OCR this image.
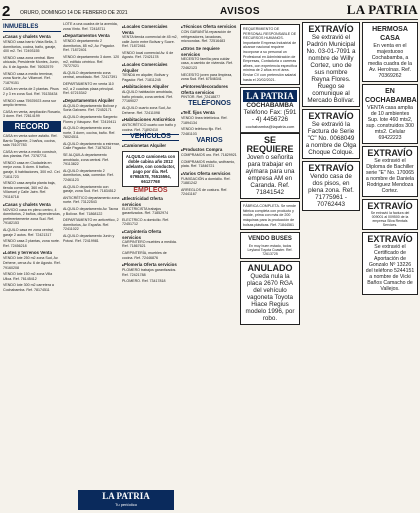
2	ORURO, DOMINGO 14 DE FEBRERO DE 2021	AVISOS	LA PATRIA
INMUEBLES
■ Casas y chalets Venta
VENDO casa barrio Vista Bella, 3 dormitorios, cocina, baño, garaje, 400 m2. Tel. 72493155
VENDO casa zona central. Bien ubicada, Presidente Montes, Junín, Av. 6 de Agosto. Ref. 76052579
VENDO casa a medio terminar, zona Norte, Av. Villarroel. Ref. 71879151
CASA en venta de 2 plantas. Pisos 2 y 3 en zona Sud. Ref. 76135434
VENDO casa 75925923 zona sur amplio terreno.
CASA en venta, ampliación Rosario, 3 dorm. Ref. 72614199
RECORD
CASA en venta sobre asfalto. Ref. Barrio Tagarete, 2 baños, cocina, sala 76107783
CASA en venta a medio construir, dos plantas. Ref. 73787711
VENDO casa en Ciudadela en mejor zona. 5 dorm. 6 baños, garaje, 6 habitaciones, 300 m2. Cel. 71811723
VENDO casa amplia planta baja, tienda comercial, 360 m2 Av. Villarroel y Calle Jaén. Ref. 79116718
■ Casas y chalets Venta
NOVICIO casa en pleno centro, 4 dormitorios, 2 baños, dependencias, preferentemente zona Sud. Ref. 79182153
ALQUILO casa en zona central, garaje 2 autos. Ref. 72421317
VENDO casa 2 plantas, zona norte. Ref. 72456218
■ Lotes y terrenos Venta
VENDO lote 250 m2 zona Sud, Av. Dehene, cerca Av. 6 de Agosto. Ref. 79160208
VENDO lote 150 m2 zona Villa Ulloa. Ref. 76145412
VENDO lote 300 m2 carretera a Cochabamba. Ref. 78174511
LOTE a una cuadra de la avenida, zona Vinto. Ref. 72418711
■ Departamentos Venta
VENDO departamento 2 dormitorios, 85 m2, Av. Pagador. Ref. 71872401
VENDO departamento 3 dorm. 120 m2, edificio céntrico. Ref. 75727021
ALQUILO departamento zona central, amoblado. Ref. 72417391
DEPARTAMENTO en venta 110 m2, a 2 cuadras plaza principal. Ref. 67215342
■ Departamentos Alquiler
ALQUILO departamento Bolívar y Soria Galvarro. Ref. 72452171
ALQUILO departamento Sargento Flores y Vásquez. Ref. 72419411
ALQUILO departamento zona norte, 3 dorm, cocina, baño. Ref. 78024511
ALQUILO departamento a estrenar, Calle Pagador. Ref. 71876234
SE ALQUILA departamento amoblado, zona central. Ref. 79113822
ALQUILO departamento 2 dormitorios, sala, comedor. Ref. 72461123
ALQUILO departamento con garaje, zona Sud. Ref. 71834512
ANTICRÉTICO departamento zona norte. Ref. 73122543
ALQUILO departamento Av. Tacna y Bolívar. Ref. 71868122
DEPARTAMENTO en anticrético, 2 dormitorios, Av. España. Ref. 72411022
ALQUILO departamento Junín y Potosí. Ref. 72419981
LA PATRIA
Tu periódico
■ Locales Comerciales Venta
VENTA tienda comercial de 45 m2, calle Junín entre Bolívar y Sucre. Ref. 71872461
VENDO local comercial Av. 6 de Agosto. Ref. 72421178
■ Locales Comerciales Alquiler
TIENDA en alquiler, Bolívar y Pagador. Ref. 71811245
■ Habitaciones Alquiler
ALQUILO habitación amoblada, baño privado, zona central. Ref. 77169027
ALQUILO cuarto zona Sud, Av. Dehene. Ref. 72411098
■ Habitaciones Anticrético
ANTICRÉTICO cuarto con baño y cocina. Ref. 71892410
VEHÍCULOS
■ Camionetas Alquiler
ALQUILO camioneta con doble cabina año 2012 adelante, con conductor, pago por día. Ref. 67984578, 76515594, 66127768
EMPLEOS
■ Electricidad Oferta servicios
ELECTRICISTA trabajos garantizados. Ref. 71852974
ELECTRICO a domicilio. Ref. 72451712
■ Carpintería Oferta servicios
CARPINTERO muebles a medida. Ref. 71867621
CARPINTERÍA, muebles de cocina. Ref. 72446876
■ Plomería Oferta servicios
PLOMERO trabajos garantizados. Ref. 72421788
PLOMERO. Ref. 73417818
■ Técnicos Oferta servicios
CON GARANTÍA reparación de refrigeradores, lavadoras, microondas. Ref. 72516483
■ Otros Se requiere servicios
NECESITO familia para cuidar casa, a cambio de vivienda. Ref. 72462123
NECESITO joven para limpieza, zona Sud. Ref. 67546341
■ Pintores/decoradores Oferta servicios
PINTOR. Ref. 72418877
TELÉFONOS
■ Telf. fijos Venta
VENDO línea telefónica. Ref. 71894134
VENDO teléfono fijo. Ref. 72481103
VARIOS
■ Productos Compra
COMPRAMOS oro. Ref. 71829921
COMPRAMOS estaño, wolframio, plata. Ref. 71846721
■ Varios Oferta servicios
FUMIGACIÓN a domicilio. Ref. 71881242
ARREGLOS de costura. Ref. 72441167
REQUERIMIENTO DE PERSONAL RESPONSABLE DE RECURSOS HUMANOS. Importante Empresa Industrial de alcance nacional requiere incorporar a su personal un Profesional en Administración de Empresas, Contaduría o carreras afines, con experiencia específica mínima de 2 años en el área. Enviar CV con pretensión salarial hasta el 20/02/2021.
LA PATRIA
COCHABAMBA
Teléfono Fax: (591 - 4) 4456726
cochabamba@lapatria.com
SE REQUIERE
Joven o señorita para trabajar en ayimara para una empresa AM en Caranda. Ref. 71841542
FÁBRICA COMPLETA. Se vende fábrica completa con producto y molde, prima con más de 200 máquinas para la producción de bolsas plásticas. Ref. 71844561
VENDO BUSES
En muy buen estado, todos Leyland Toyota Coaster. Ref. 72613725
ANULADO
Queda nula la placa 2670 RGA del vehículo vagoneta Toyota Hiace Regius modelo 1996, por robo.
EXTRAVÍO
Se extravió el Padrón Municipal No. 03-01-7091 a nombre de Willy Cortez, uno de sus nombre Reyna Flores. Ruego se comunique al Mercado Bolívar.
EXTRAVÍO
Se extravió la Factura de Serie "C" No. 0068049 a nombre de Olga Choque Colque.
EXTRAVÍO
Vendo casa de dos pisos, en plena zona. Ref. 71775961 - 70762443
HERMOSA CASA
En venta en el majestuoso Cochabamba, a media cuadra de la Av. Heroínas. Ref. 70369262
EN COCHABAMBA
VENTA casa amplia de 10 ambientes Sup. lote 460 mts2, sup. construidos 300 mts2. Celular 69422223
EXTRAVÍO
Se extravió el Diploma de Bachiller serie "E" No. 170065 a nombre de Daniela Rodriguez Mendoza Cortez.
EXTRAVÍO
Se extravió la factura del 009001 al 009500 de la empresa Silva Rentals Services.
EXTRAVÍO
Se extravió el Certificado de Aportación de Gonzalo Nº 13226 del teléfono 5244151 a nombre de Vicki Baños Camacho de Vallejos.
